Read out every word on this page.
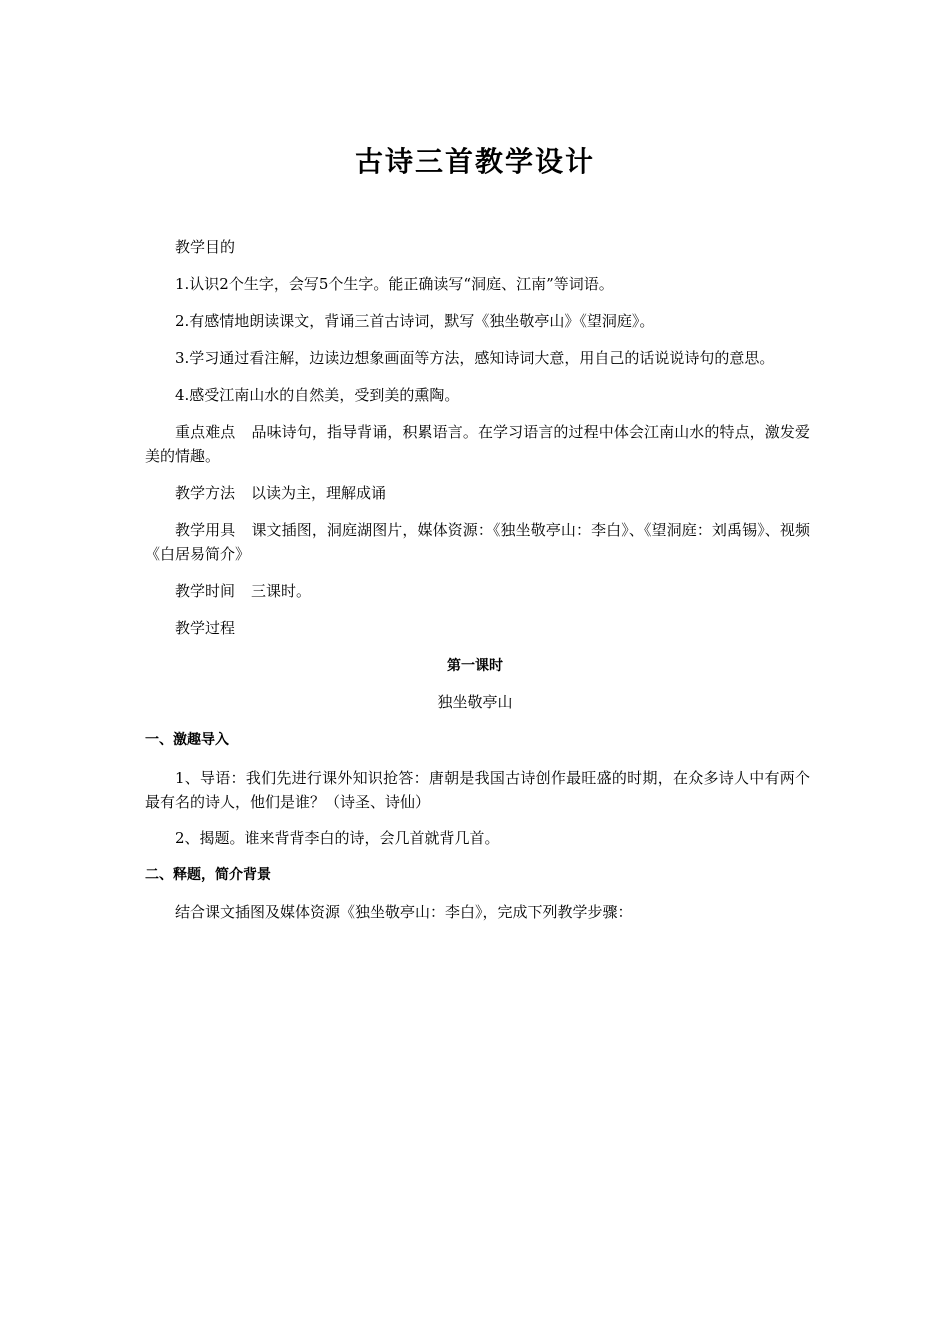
古诗三首教学设计
教学目的
1.认识2个生字，会写5个生字。能正确读写“洞庭、江南”等词语。
2.有感情地朗读课文，背诵三首古诗词，默写《独坐敬亭山》《望洞庭》。
3.学习通过看注解，边读边想象画面等方法，感知诗词大意，用自己的话说说诗句的意思。
4.感受江南山水的自然美，受到美的熏陶。
重点难点 品味诗句，指导背诵，积累语言。在学习语言的过程中体会江南山水的特点，激发爱美的情趣。
教学方法 以读为主，理解成诵
教学用具 课文插图，洞庭湖图片，媒体资源：《独坐敬亭山：李白》、《望洞庭：刘禹锡》、视频《白居易简介》
教学时间 三课时。
教学过程
第一课时
独坐敬亭山
一、激趣导入
1、导语：我们先进行课外知识抢答：唐朝是我国古诗创作最旺盛的时期，在众多诗人中有两个最有名的诗人，他们是谁？（诗圣、诗仙）
2、揭题。谁来背背李白的诗，会几首就背几首。
二、释题，简介背景
结合课文插图及媒体资源《独坐敬亭山：李白》，完成下列教学步骤：
